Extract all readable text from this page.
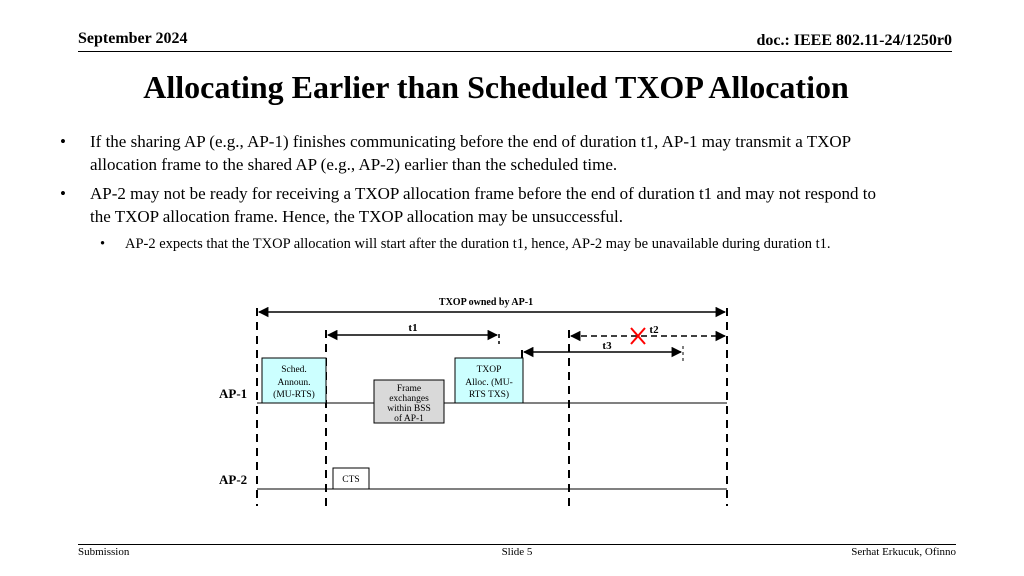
September 2024	doc.: IEEE 802.11-24/1250r0
Allocating Earlier than Scheduled TXOP Allocation
• If the sharing AP (e.g., AP-1) finishes communicating before the end of duration t1, AP-1 may transmit a TXOP allocation frame to the shared AP (e.g., AP-2) earlier than the scheduled time.
• AP-2 may not be ready for receiving a TXOP allocation frame before the end of duration t1 and may not respond to the TXOP allocation frame. Hence, the TXOP allocation may be unsuccessful.
• AP-2 expects that the TXOP allocation will start after the duration t1, hence, AP-2 may be unavailable during duration t1.
TXOP owned by AP-1
t1	t2
t3
AP-1
AP-2
Sched.
Announ.
(MU-RTS)
Frame
exchanges
within BSS
of AP-1
TXOP
Alloc. (MU-
RTS TXS)
CTS
Submission	Slide 5	Serhat Erkucuk, Ofinno
